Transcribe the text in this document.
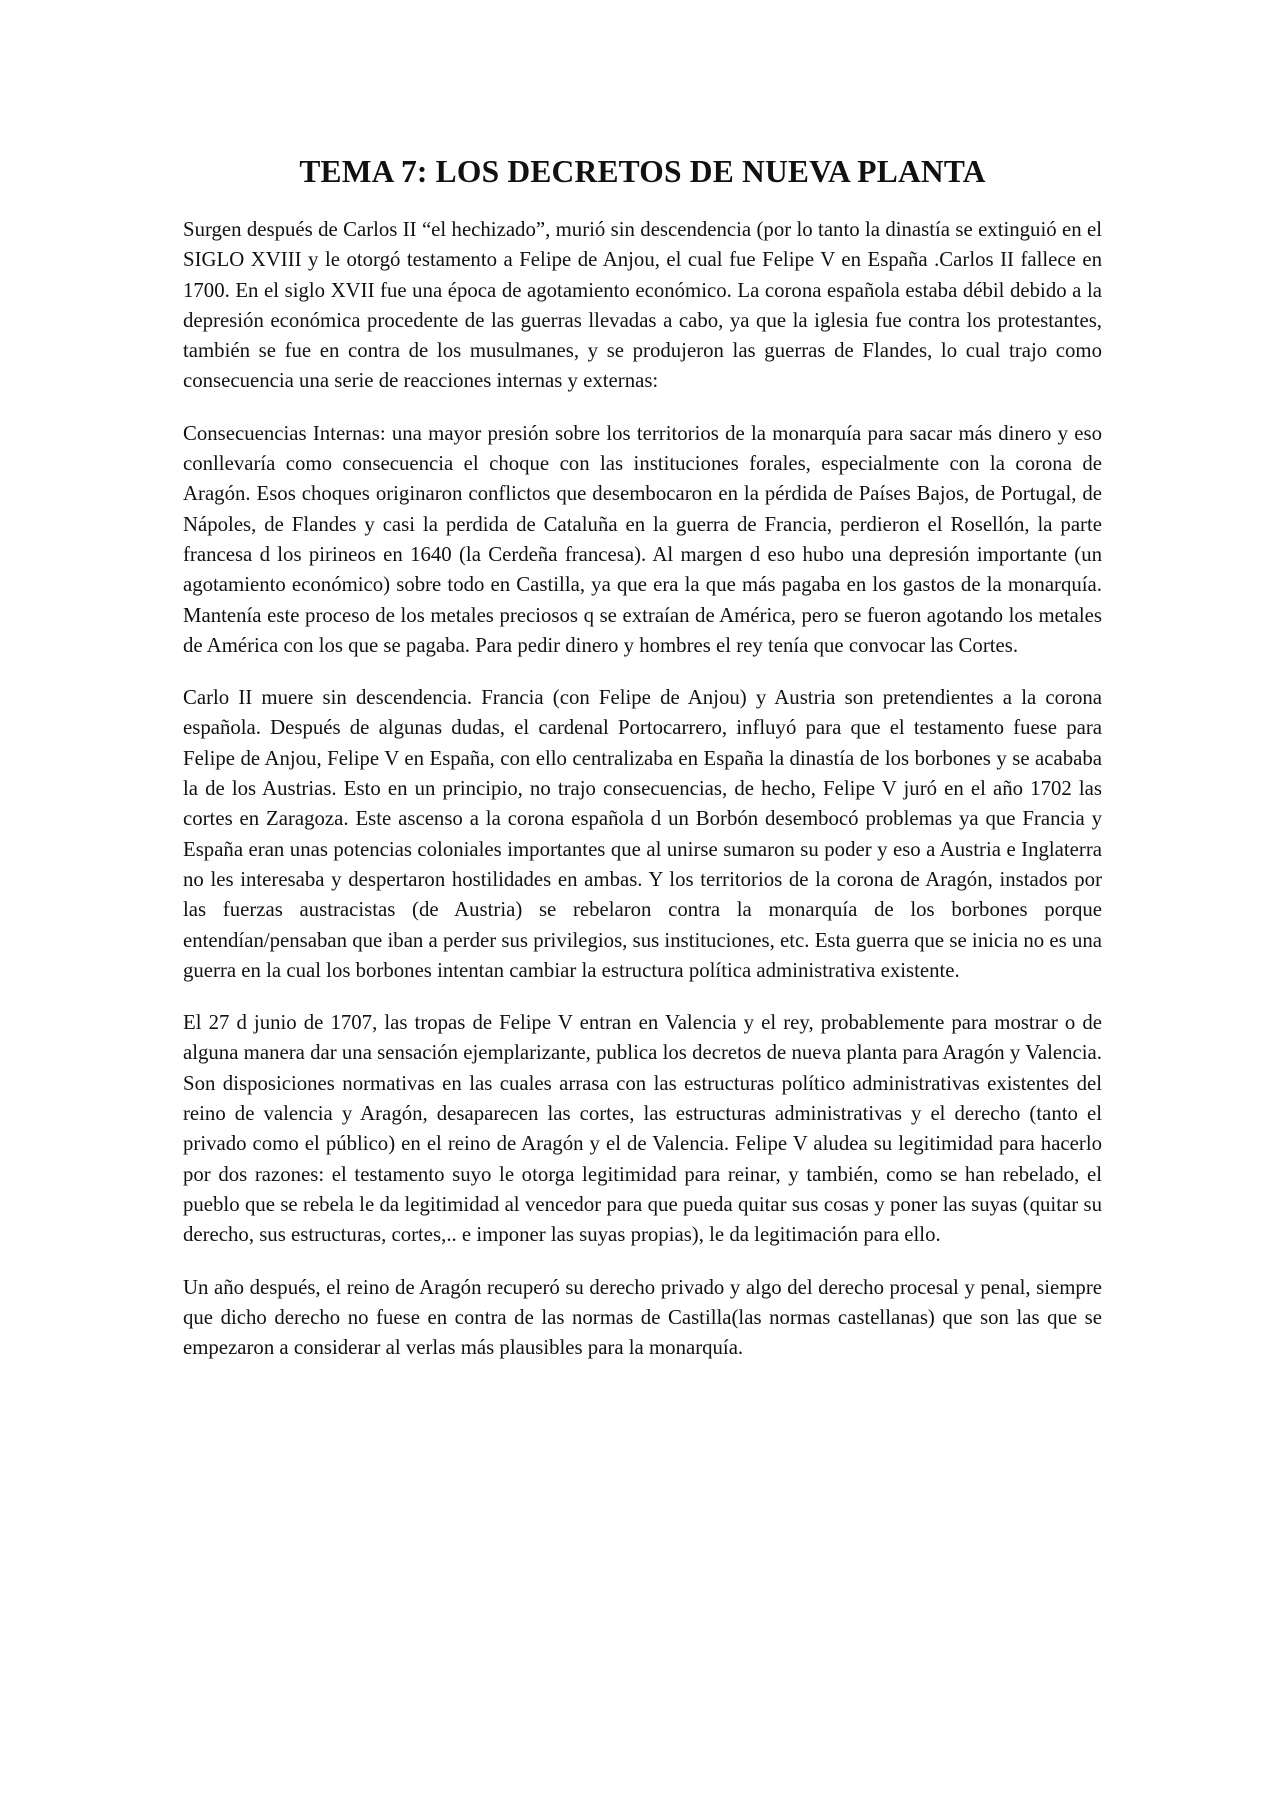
TEMA 7: LOS DECRETOS DE NUEVA PLANTA

Surgen después de Carlos II “el hechizado”, murió sin descendencia (por lo tanto la dinastía se extinguió en el SIGLO XVIII y le otorgó testamento a Felipe de Anjou, el cual fue Felipe V en España .Carlos II fallece en 1700. En el siglo XVII fue una época de agotamiento económico. La corona española estaba débil debido a la depresión económica procedente de las guerras llevadas a cabo, ya que la iglesia fue contra los protestantes, también se fue en contra de los musulmanes, y se produjeron las guerras de Flandes, lo cual trajo como consecuencia una serie de reacciones internas y externas:

Consecuencias Internas: una mayor presión sobre los territorios de la monarquía para sacar más dinero y eso conllevaría como consecuencia el choque con las instituciones forales, especialmente con la corona de Aragón. Esos choques originaron conflictos que desembocaron en la pérdida de Países Bajos, de Portugal, de Nápoles, de Flandes y casi la perdida de Cataluña en la guerra de Francia, perdieron el Rosellón, la parte francesa d los pirineos en 1640 (la Cerdeña francesa). Al margen d eso hubo una depresión importante (un agotamiento económico) sobre todo en Castilla, ya que era la que más pagaba en los gastos de la monarquía. Mantenía este proceso de los metales preciosos q se extraían de América, pero se fueron agotando los metales de América con los que se pagaba. Para pedir dinero y hombres el rey tenía que convocar las Cortes.

Carlo II muere sin descendencia. Francia (con Felipe de Anjou) y Austria son pretendientes a la corona española. Después de algunas dudas, el cardenal Portocarrero, influyó para que el testamento fuese para Felipe de Anjou, Felipe V en España, con ello centralizaba en España la dinastía de los borbones y se acababa la de los Austrias. Esto en un principio, no trajo consecuencias, de hecho, Felipe V juró en el año 1702 las cortes en Zaragoza. Este ascenso a la corona española d un Borbón desembocó problemas ya que Francia y España eran unas potencias coloniales importantes que al unirse sumaron su poder y eso a Austria e Inglaterra no les interesaba y despertaron hostilidades en ambas. Y los territorios de la corona de Aragón, instados por las fuerzas austracistas (de Austria) se rebelaron contra la monarquía de los borbones porque entendían/pensaban que iban a perder sus privilegios, sus instituciones, etc. Esta guerra que se inicia no es una guerra en la cual los borbones intentan cambiar la estructura política administrativa existente.

El 27 d junio de 1707, las tropas de Felipe V entran en Valencia y el rey, probablemente para mostrar o de alguna manera dar una sensación ejemplarizante, publica los decretos de nueva planta para Aragón y Valencia. Son disposiciones normativas en las cuales arrasa con las estructuras político administrativas existentes del reino de valencia y Aragón, desaparecen las cortes, las estructuras administrativas y el derecho (tanto el privado como el público) en el reino de Aragón y el de Valencia. Felipe V aludea su legitimidad para hacerlo por dos razones: el testamento suyo le otorga legitimidad para reinar, y también, como se han rebelado, el pueblo que se rebela le da legitimidad al vencedor para que pueda quitar sus cosas y poner las suyas (quitar su derecho, sus estructuras, cortes,.. e imponer las suyas propias), le da legitimación para ello.

Un año después, el reino de Aragón recuperó su derecho privado y algo del derecho procesal y penal, siempre que dicho derecho no fuese en contra de las normas de Castilla(las normas castellanas) que son las que se empezaron a considerar al verlas más plausibles para la monarquía.
